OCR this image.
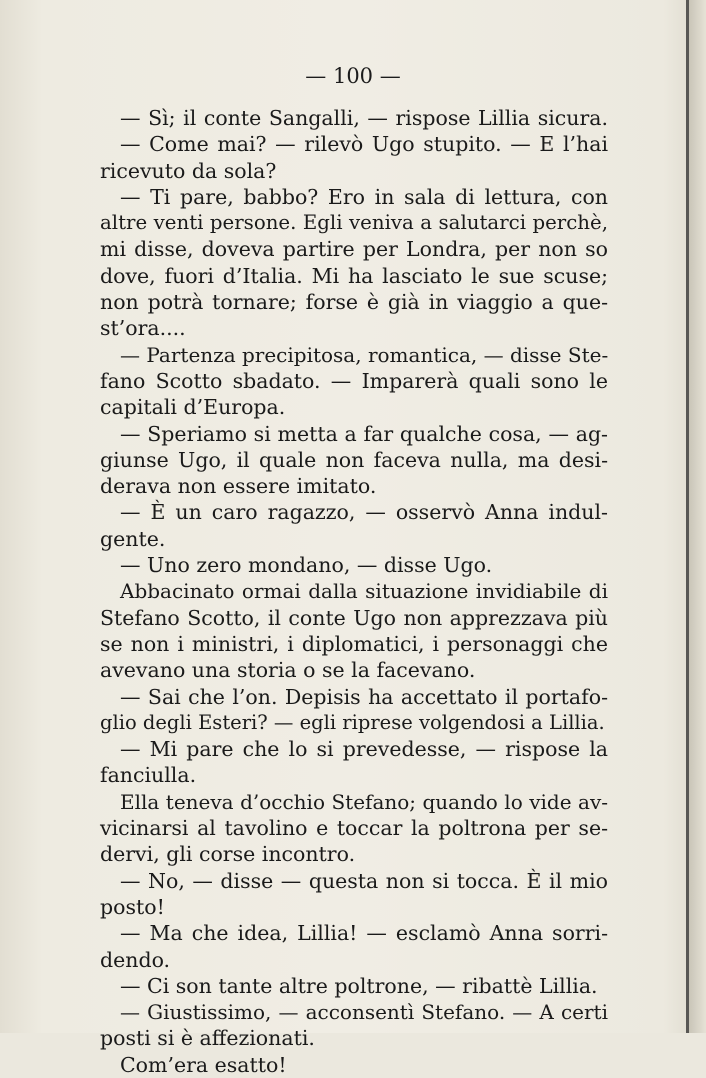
— 100 —
— Sì; il conte Sangalli, — rispose Lillia sicura.
— Come mai? — rilevò Ugo stupito. — E l’hai
ricevuto da sola?
— Ti pare, babbo? Ero in sala di lettura, con
altre venti persone. Egli veniva a salutarci perchè,
mi disse, doveva partire per Londra, per non so
dove, fuori d’Italia. Mi ha lasciato le sue scuse;
non potrà tornare; forse è già in viaggio a que-
st’ora....
— Partenza precipitosa, romantica, — disse Ste-
fano Scotto sbadato. — Imparerà quali sono le
capitali d’Europa.
— Speriamo si metta a far qualche cosa, — ag-
giunse Ugo, il quale non faceva nulla, ma desi-
derava non essere imitato.
— È un caro ragazzo, — osservò Anna indul-
gente.
— Uno zero mondano, — disse Ugo.
Abbacinato ormai dalla situazione invidiabile di
Stefano Scotto, il conte Ugo non apprezzava più
se non i ministri, i diplomatici, i personaggi che
avevano una storia o se la facevano.
— Sai che l’on. Depisis ha accettato il portafo-
glio degli Esteri? — egli riprese volgendosi a Lillia.
— Mi pare che lo si prevedesse, — rispose la
fanciulla.
Ella teneva d’occhio Stefano; quando lo vide av-
vicinarsi al tavolino e toccar la poltrona per se-
dervi, gli corse incontro.
— No, — disse — questa non si tocca. È il mio
posto!
— Ma che idea, Lillia! — esclamò Anna sorri-
dendo.
— Ci son tante altre poltrone, — ribattè Lillia.
— Giustissimo, — acconsentì Stefano. — A certi
posti si è affezionati.
Com’era esatto!
